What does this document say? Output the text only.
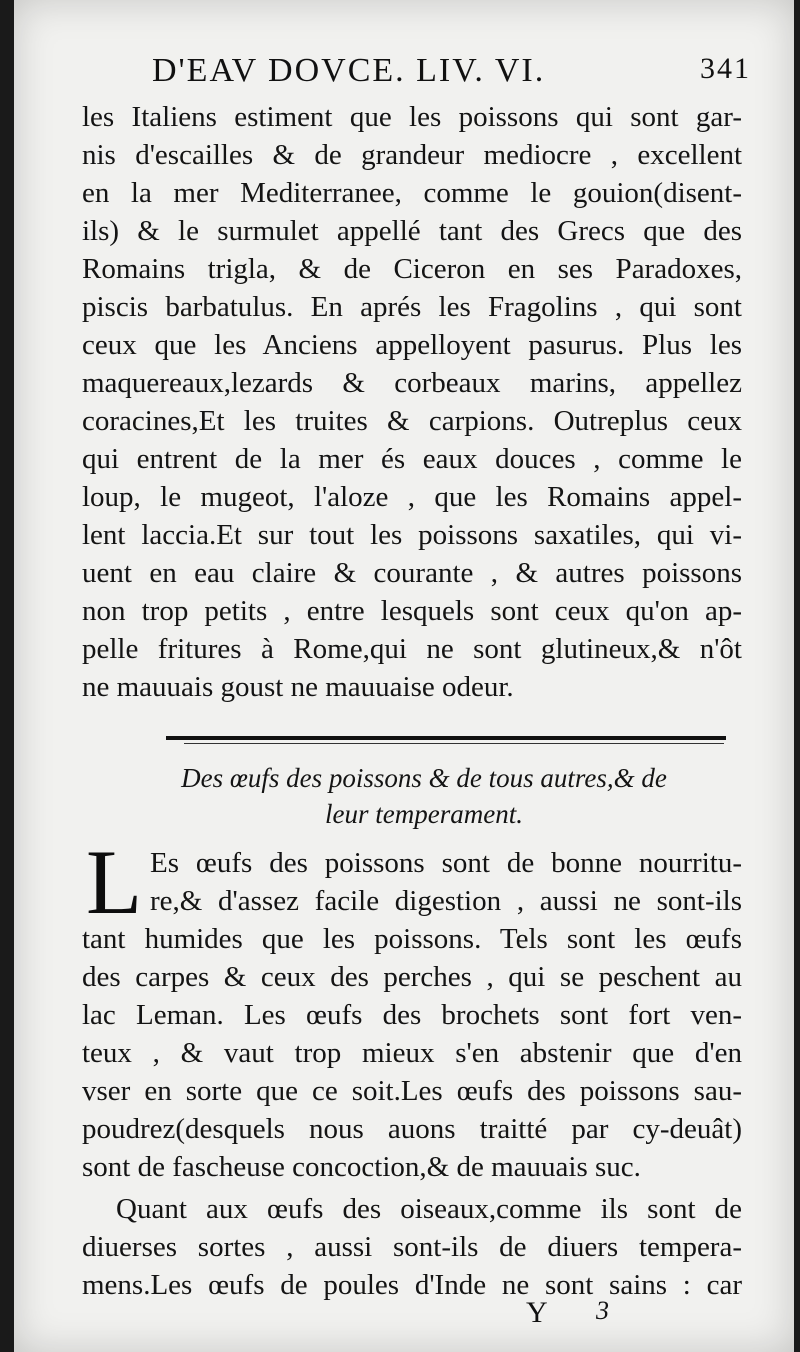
D'EAV DOVCE. LIV. VI.	341
les Italiens estiment que les poissons qui sont gar-
nis d'escailles & de grandeur mediocre , excellent
en la mer Mediterranee, comme le gouion(disent-
ils) & le surmulet appellé tant des Grecs que des
Romains trigla, & de Ciceron en ses Paradoxes,
piscis barbatulus. En aprés les Fragolins , qui sont
ceux que les Anciens appelloyent pasurus. Plus les
maquereaux,lezards & corbeaux marins, appellez
coracines,Et les truites & carpions. Outreplus ceux
qui entrent de la mer és eaux douces , comme le
loup, le mugeot, l'aloze , que les Romains appel-
lent laccia.Et sur tout les poissons saxatiles, qui vi-
uent en eau claire & courante , & autres poissons
non trop petits , entre lesquels sont ceux qu'on ap-
pelle fritures à Rome,qui ne sont glutineux,& n'ôt
ne mauuais goust ne mauuaise odeur.
Des œufs des poissons & de tous autres,& de
leur temperament.
L Es œufs des poissons sont de bonne nourritu-
re,& d'assez facile digestion , aussi ne sont-ils
tant humides que les poissons. Tels sont les œufs
des carpes & ceux des perches , qui se peschent au
lac Leman. Les œufs des brochets sont fort ven-
teux , & vaut trop mieux s'en abstenir que d'en
vser en sorte que ce soit.Les œufs des poissons sau-
poudrez(desquels nous auons traitté par cy-deuât)
sont de fascheuse concoction,& de mauuais suc.
Quant aux œufs des oiseaux,comme ils sont de
diuerses sortes , aussi sont-ils de diuers tempera-
mens.Les œufs de poules d'Inde ne sont sains : car
Y 3
